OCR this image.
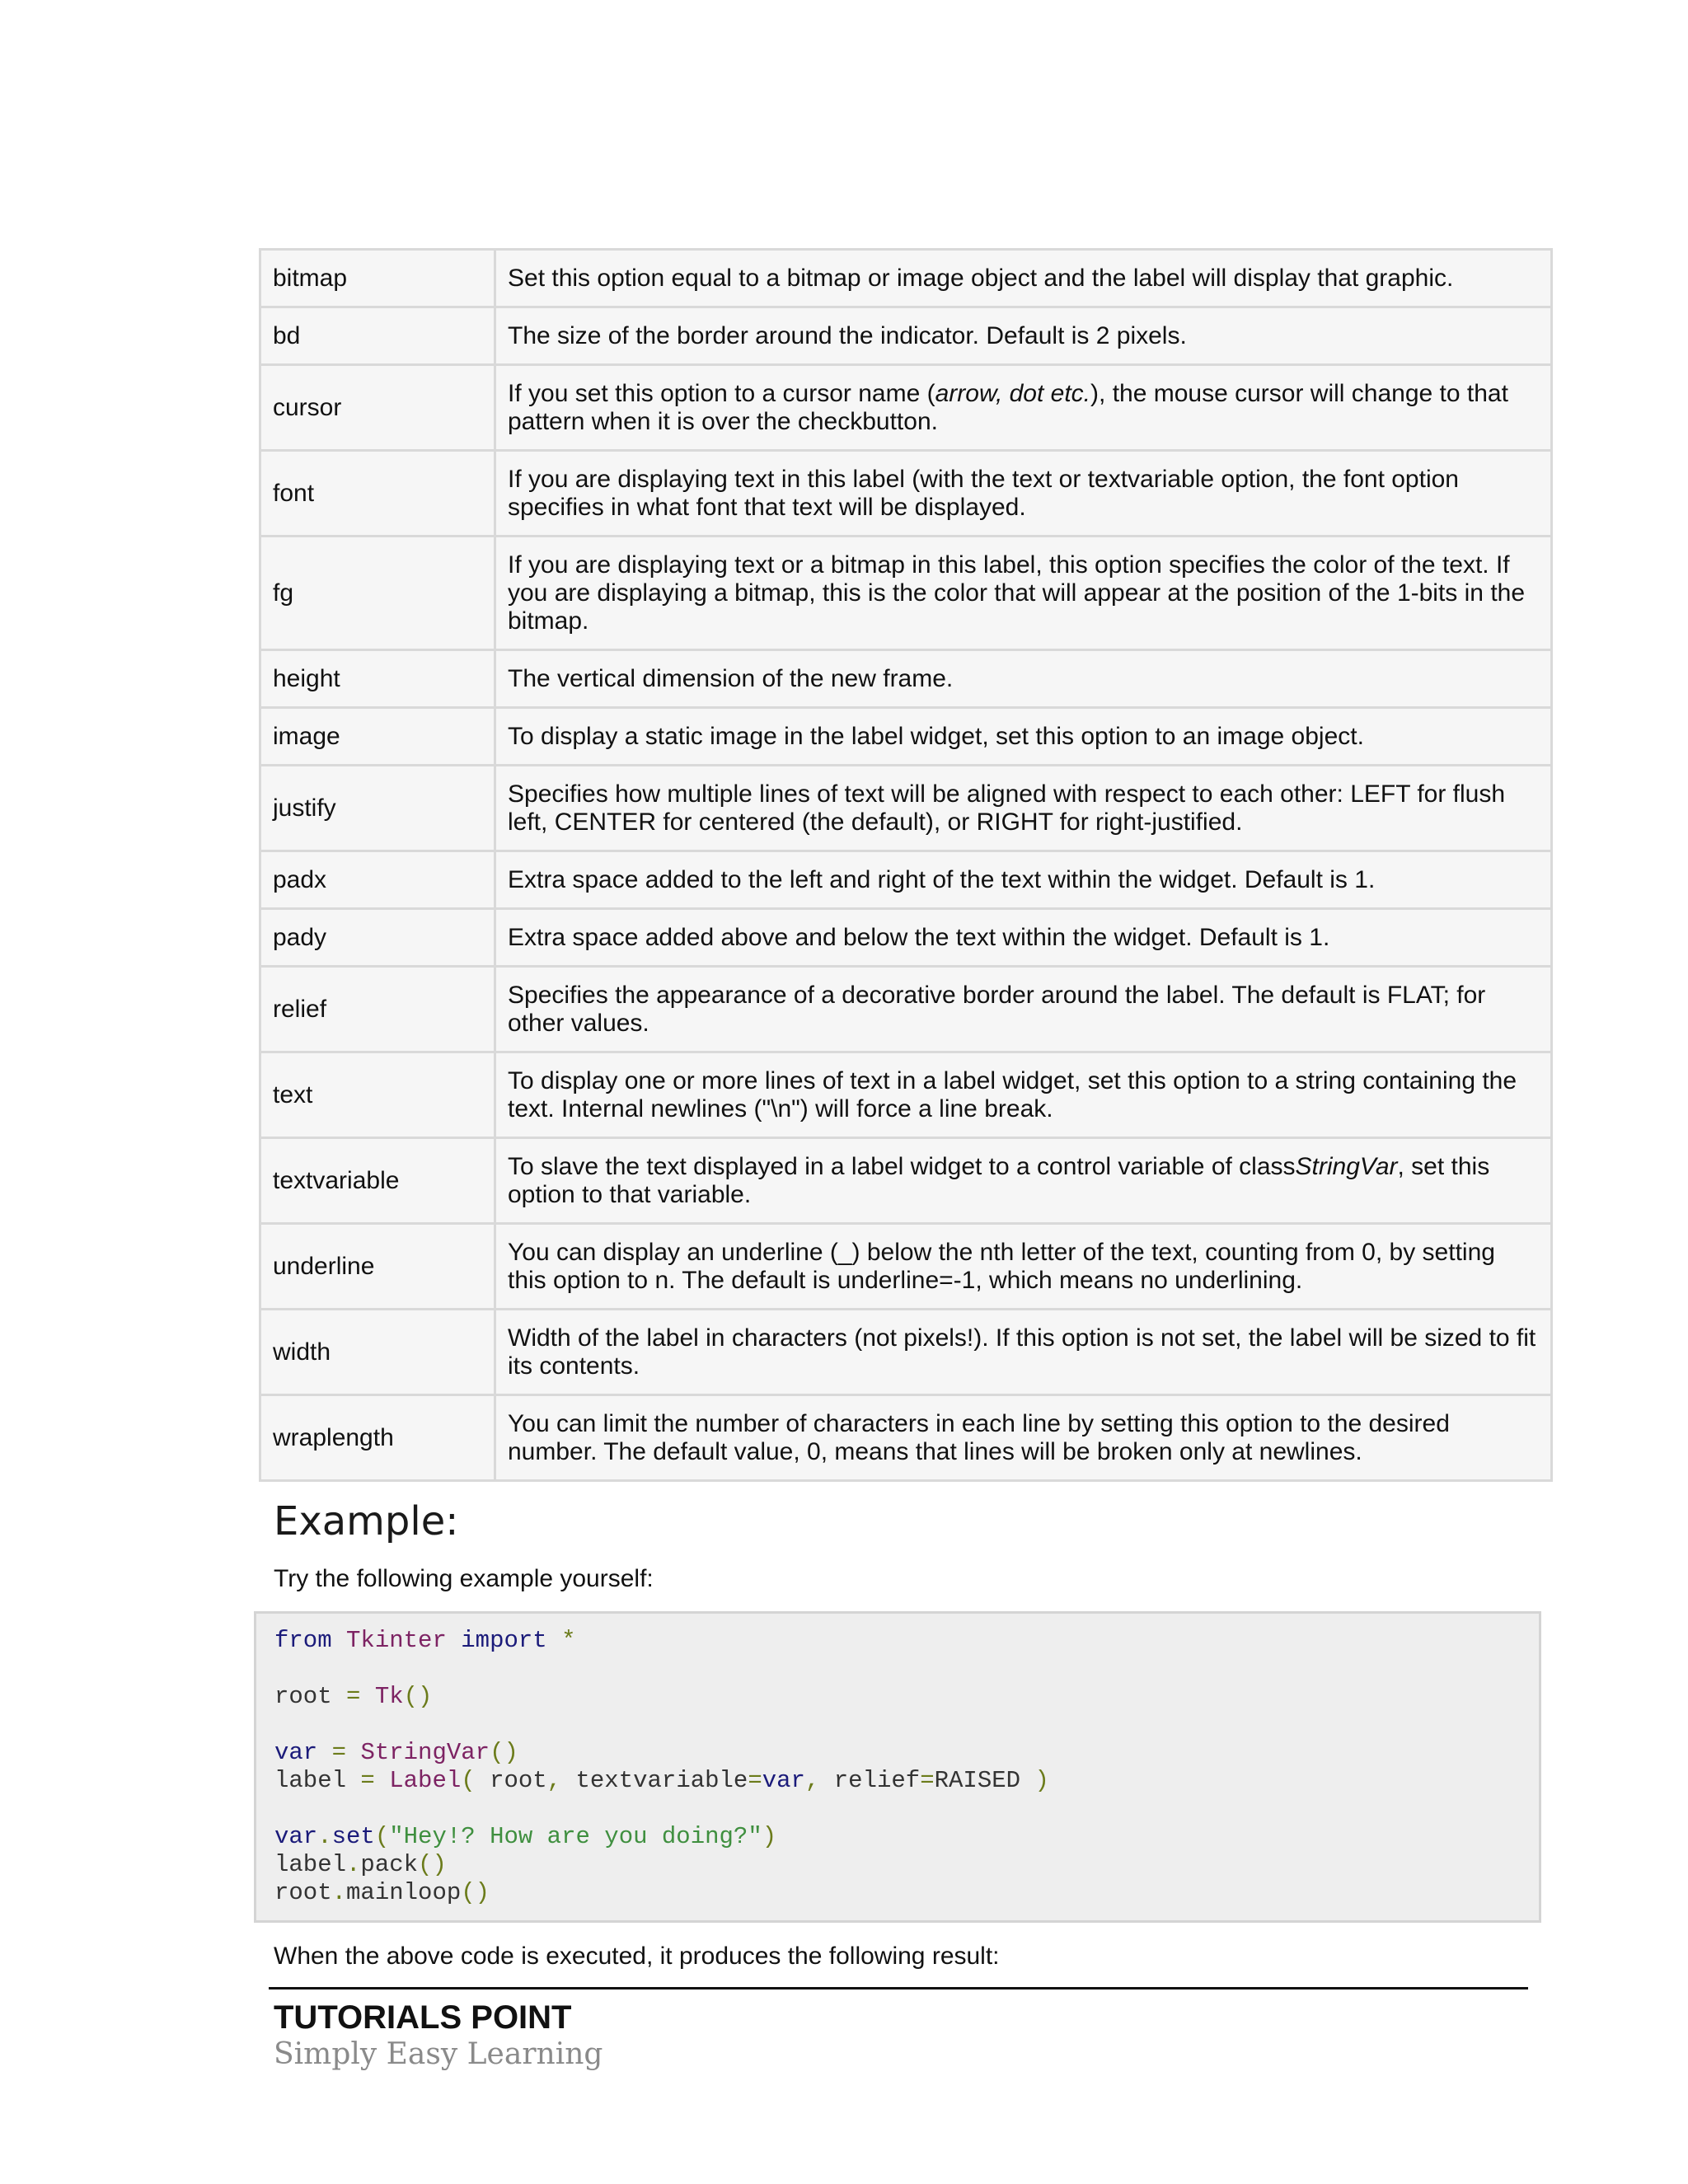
bitmap	Set this option equal to a bitmap or image object and the label will display that graphic.
bd	The size of the border around the indicator. Default is 2 pixels.
cursor	If you set this option to a cursor name (arrow, dot etc.), the mouse cursor will change to that pattern when it is over the checkbutton.
font	If you are displaying text in this label (with the text or textvariable option, the font option specifies in what font that text will be displayed.
fg	If you are displaying text or a bitmap in this label, this option specifies the color of the text. If you are displaying a bitmap, this is the color that will appear at the position of the 1-bits in the bitmap.
height	The vertical dimension of the new frame.
image	To display a static image in the label widget, set this option to an image object.
justify	Specifies how multiple lines of text will be aligned with respect to each other: LEFT for flush left, CENTER for centered (the default), or RIGHT for right-justified.
padx	Extra space added to the left and right of the text within the widget. Default is 1.
pady	Extra space added above and below the text within the widget. Default is 1.
relief	Specifies the appearance of a decorative border around the label. The default is FLAT; for other values.
text	To display one or more lines of text in a label widget, set this option to a string containing the text. Internal newlines ("\n") will force a line break.
textvariable	To slave the text displayed in a label widget to a control variable of classStringVar, set this option to that variable.
underline	You can display an underline (_) below the nth letter of the text, counting from 0, by setting this option to n. The default is underline=-1, which means no underlining.
width	Width of the label in characters (not pixels!). If this option is not set, the label will be sized to fit its contents.
wraplength	You can limit the number of characters in each line by setting this option to the desired number. The default value, 0, means that lines will be broken only at newlines.
Example:

Try the following example yourself:

from Tkinter import *

root = Tk()

var = StringVar()
label = Label( root, textvariable=var, relief=RAISED )

var.set("Hey!? How are you doing?")
label.pack()
root.mainloop()

When the above code is executed, it produces the following result:

TUTORIALS POINT
Simply Easy Learning
